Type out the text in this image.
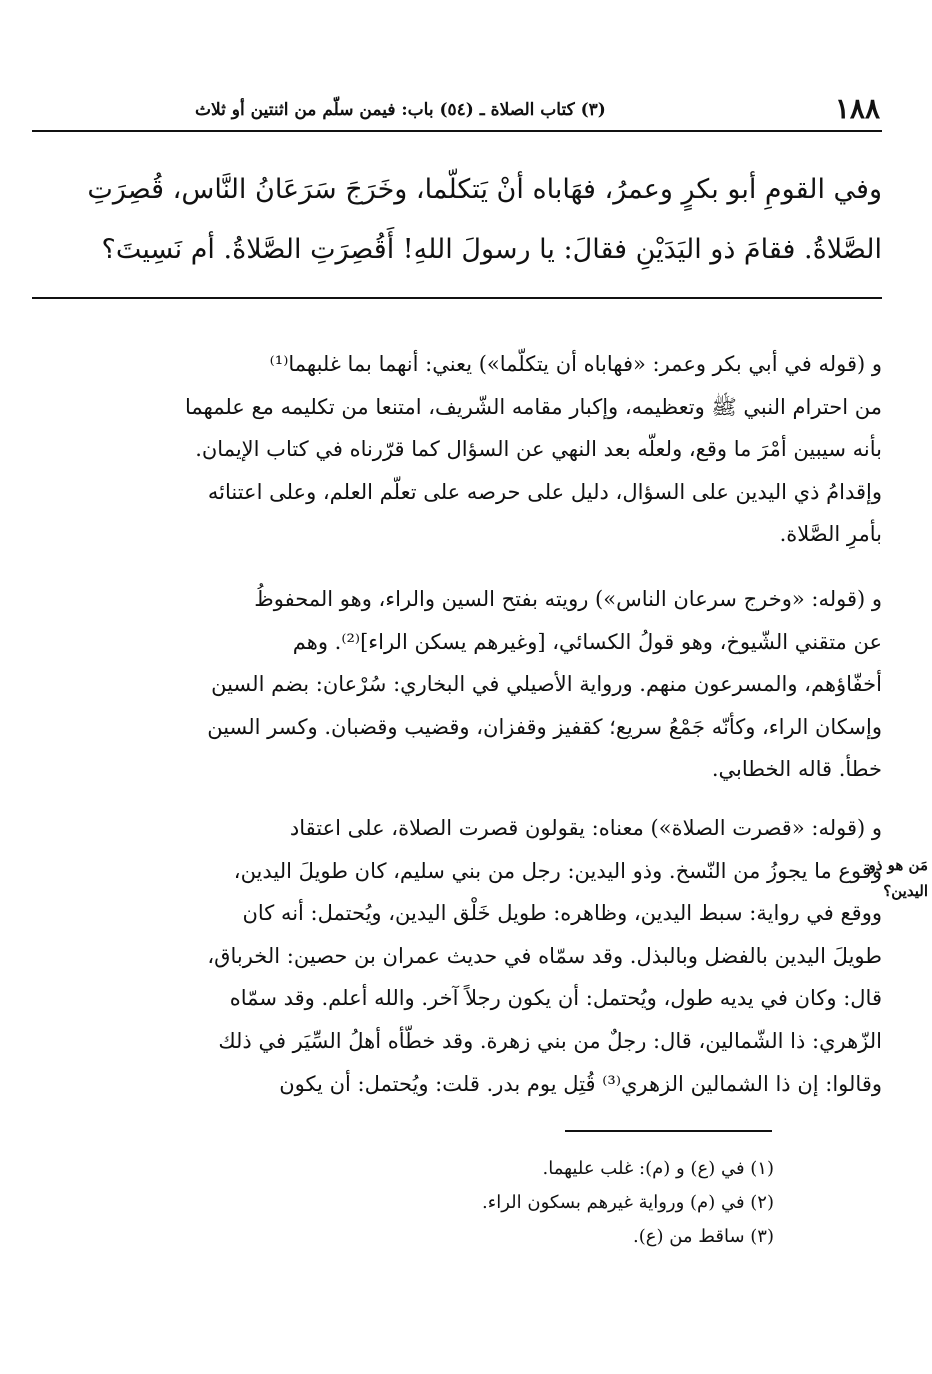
١٨٨
(٣) كتاب الصلاة ـ (٥٤) باب: فيمن سلّم من اثنتين أو ثلاث
وفي القومِ أبو بكرٍ وعمرُ، فهَاباه أنْ يَتكلّما، وخَرَجَ سَرَعَانُ النَّاس، قُصِرَتِ
الصَّلاةُ. فقامَ ذو اليَدَيْنِ فقالَ: يا رسولَ اللهِ! أَقُصِرَتِ الصَّلاةُ. أم نَسِيتَ؟
و (قوله في أبي بكر وعمر: «فهاباه أن يتكلّما») يعني: أنهما بما غلبهما⁽¹⁾
من احترام النبي ﷺ وتعظيمه، وإكبار مقامه الشّريف، امتنعا من تكليمه مع علمهما
بأنه سيبين أمْرَ ما وقع، ولعلّه بعد النهي عن السؤال كما قرّرناه في كتاب الإيمان.
وإقدامُ ذي اليدين على السؤال، دليل على حرصه على تعلّم العلم، وعلى اعتنائه
بأمرِ الصَّلاة.
و (قوله: «وخرج سرعان الناس») رويته بفتح السين والراء، وهو المحفوظُ
عن متقني الشّيوخ، وهو قولُ الكسائي، [وغيرهم يسكن الراء]⁽²⁾. وهم
أخفّاؤهم، والمسرعون منهم. ورواية الأصيلي في البخاري: سُرْعان: بضم السين
وإسكان الراء، وكأنّه جَمْعُ سريع؛ كقفيز وقفزان، وقضيب وقضبان. وكسر السين
خطأ. قاله الخطابي.
و (قوله: «قصرت الصلاة») معناه: يقولون قصرت الصلاة، على اعتقاد
وقوع ما يجوزُ من النّسخ. وذو اليدين: رجل من بني سليم، كان طويلَ اليدين،
ووقع في رواية: سبط اليدين، وظاهره: طويل خَلْق اليدين، ويُحتمل: أنه كان
طويلَ اليدين بالفضل وبالبذل. وقد سمّاه في حديث عمران بن حصين: الخرباق،
قال: وكان في يديه طول، ويُحتمل: أن يكون رجلاً آخر. والله أعلم. وقد سمّاه
الزّهري: ذا الشّمالين، قال: رجلٌ من بني زهرة. وقد خطّأه أهلُ السِّيَر في ذلك
وقالوا: إن ذا الشمالين الزهري⁽³⁾ قُتِل يوم بدر. قلت: ويُحتمل: أن يكون
مَن هو ذو اليدين؟
(١) في (ع) و (م): غلب عليهما.
(٢) في (م) ورواية غيرهم بسكون الراء.
(٣) ساقط من (ع).
